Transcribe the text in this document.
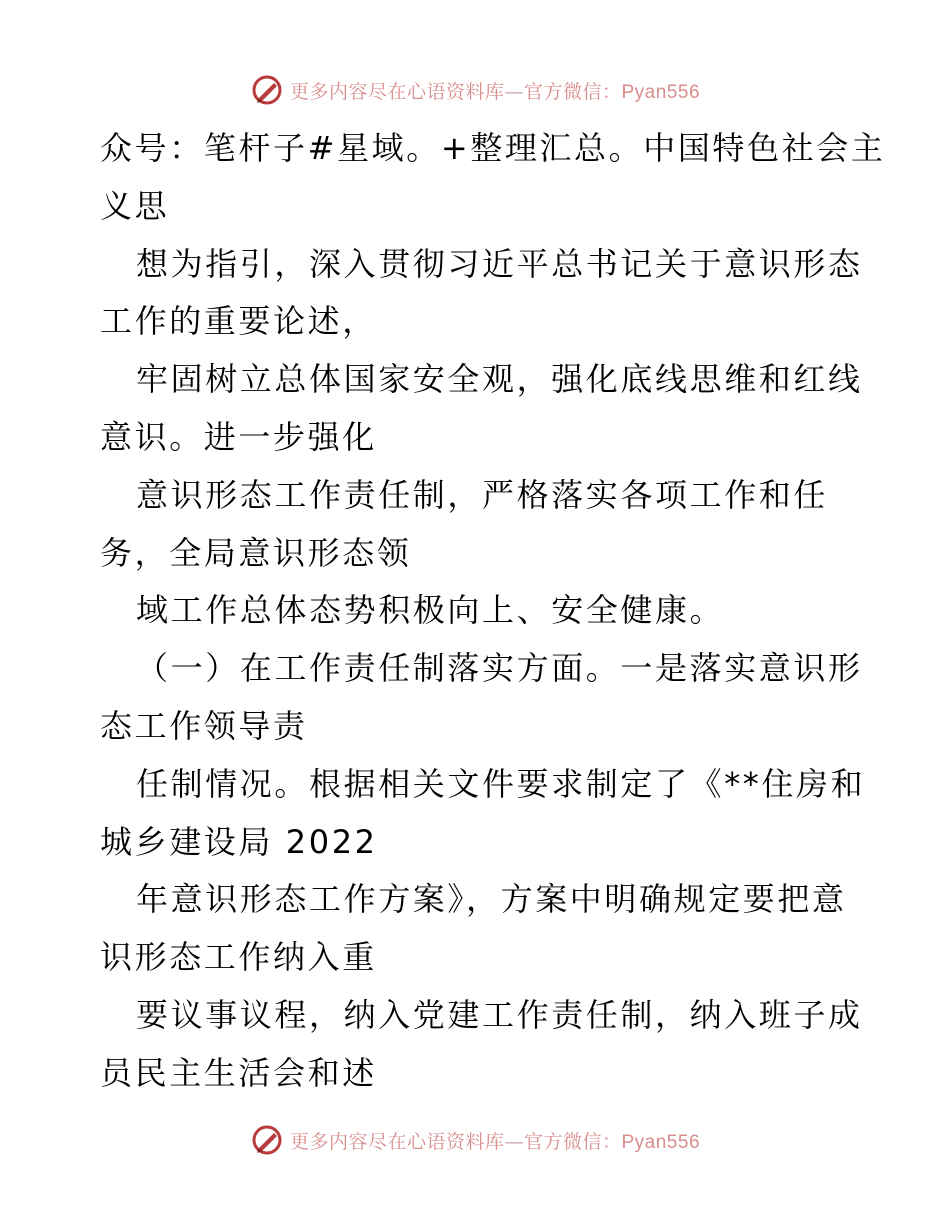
更多内容尽在心语资料库—官方微信：Pyan556
众号：笔杆子#星域。+整理汇总。中国特色社会主
义思
想为指引，深入贯彻习近平总书记关于意识形态
工作的重要论述，
牢固树立总体国家安全观，强化底线思维和红线
意识。进一步强化
意识形态工作责任制，严格落实各项工作和任
务，全局意识形态领
域工作总体态势积极向上、安全健康。
（一）在工作责任制落实方面。一是落实意识形
态工作领导责
任制情况。根据相关文件要求制定了《**住房和
城乡建设局 2022
年意识形态工作方案》，方案中明确规定要把意
识形态工作纳入重
要议事议程，纳入党建工作责任制，纳入班子成
员民主生活会和述
更多内容尽在心语资料库—官方微信：Pyan556
